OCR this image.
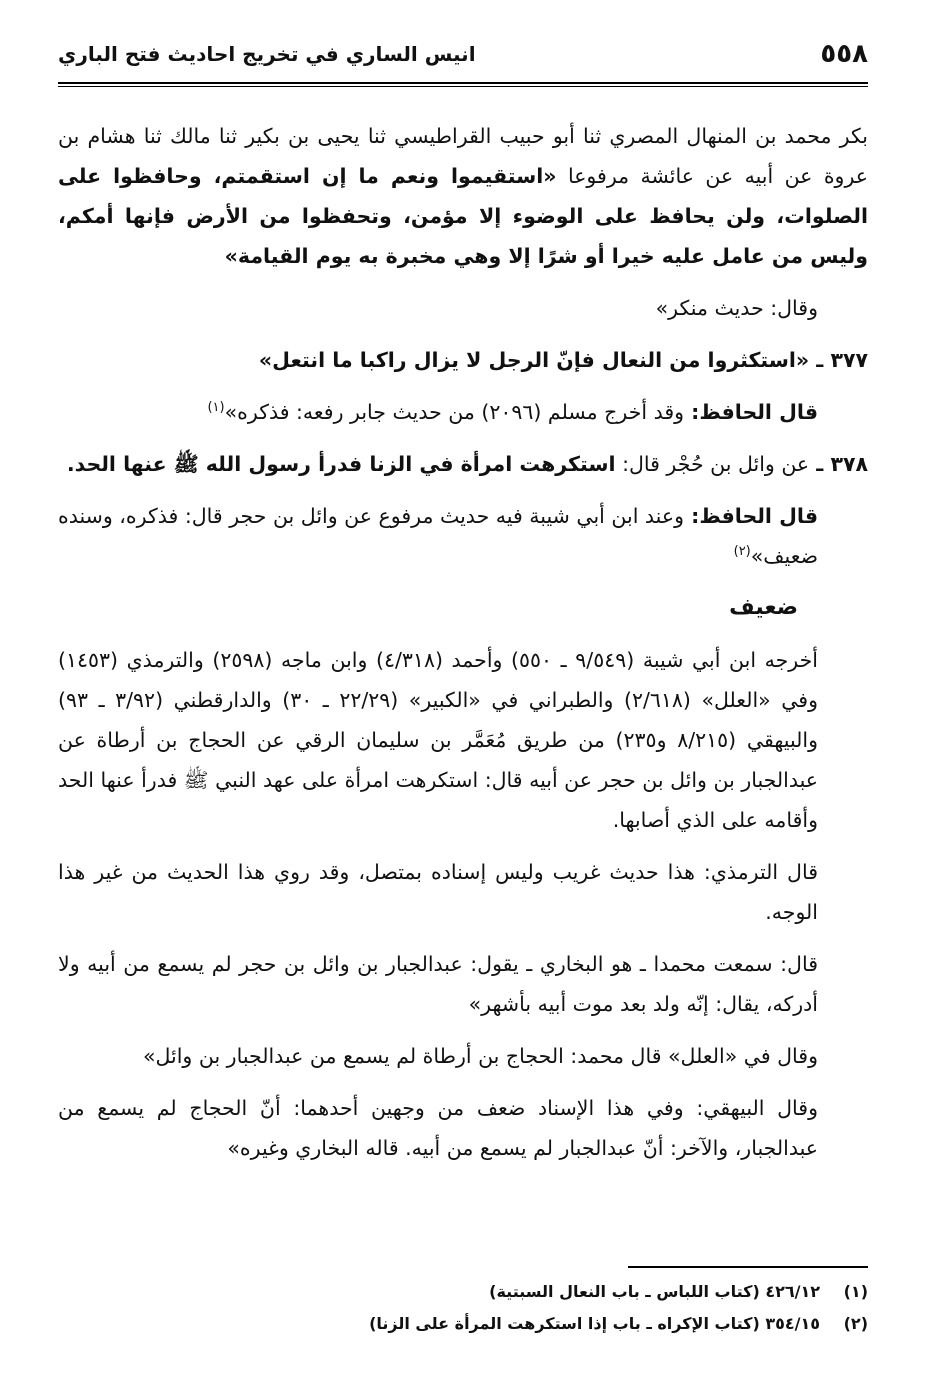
٥٥٨
انيس الساري في تخريج احاديث فتح الباري

بكر محمد بن المنهال المصري ثنا أبو حبيب القراطيسي ثنا يحيى بن بكير ثنا مالك ثنا هشام بن عروة عن أبيه عن عائشة مرفوعا «استقيموا ونعم ما إن استقمتم، وحافظوا على الصلوات، ولن يحافظ على الوضوء إلا مؤمن، وتحفظوا من الأرض فإنها أمكم، وليس من عامل عليه خيرا أو شرًا إلا وهي مخبرة به يوم القيامة»

وقال: حديث منكر»

٣٧٧ ـ «استكثروا من النعال فإنّ الرجل لا يزال راكبا ما انتعل»

قال الحافظ: وقد أخرج مسلم (٢٠٩٦) من حديث جابر رفعه: فذكره»$^{(١)}$

٣٧٨ ـ عن وائل بن حُجْر قال: استكرهت امرأة في الزنا فدرأ رسول الله ﷺ عنها الحد.

قال الحافظ: وعند ابن أبي شيبة فيه حديث مرفوع عن وائل بن حجر قال: فذكره، وسنده ضعيف»$^{(٢)}$

ضعيف

أخرجه ابن أبي شيبة (٩/٥٤٩ ـ ٥٥٠) وأحمد (٤/٣١٨) وابن ماجه (٢٥٩٨) والترمذي (١٤٥٣) وفي «العلل» (٢/٦١٨) والطبراني في «الكبير» (٢٢/٢٩ ـ ٣٠) والدارقطني (٣/٩٢ ـ ٩٣) والبيهقي (٨/٢١٥ و٢٣٥) من طريق مُعَمَّر بن سليمان الرقي عن الحجاج بن أرطاة عن عبدالجبار بن وائل بن حجر عن أبيه قال: استكرهت امرأة على عهد النبي ﷺ فدرأ عنها الحد وأقامه على الذي أصابها.

قال الترمذي: هذا حديث غريب وليس إسناده بمتصل، وقد روي هذا الحديث من غير هذا الوجه.

قال: سمعت محمدا ـ هو البخاري ـ يقول: عبدالجبار بن وائل بن حجر لم يسمع من أبيه ولا أدركه، يقال: إنّه ولد بعد موت أبيه بأشهر»

وقال في «العلل» قال محمد: الحجاج بن أرطاة لم يسمع من عبدالجبار بن وائل»

وقال البيهقي: وفي هذا الإسناد ضعف من وجهين أحدهما: أنّ الحجاج لم يسمع من عبدالجبار، والآخر: أنّ عبدالجبار لم يسمع من أبيه. قاله البخاري وغيره»

(١)
٤٢٦/١٢ (كتاب اللباس ـ باب النعال السبتية)
(٢)
٣٥٤/١٥ (كتاب الإكراه ـ باب إذا استكرهت المرأة على الزنا)
